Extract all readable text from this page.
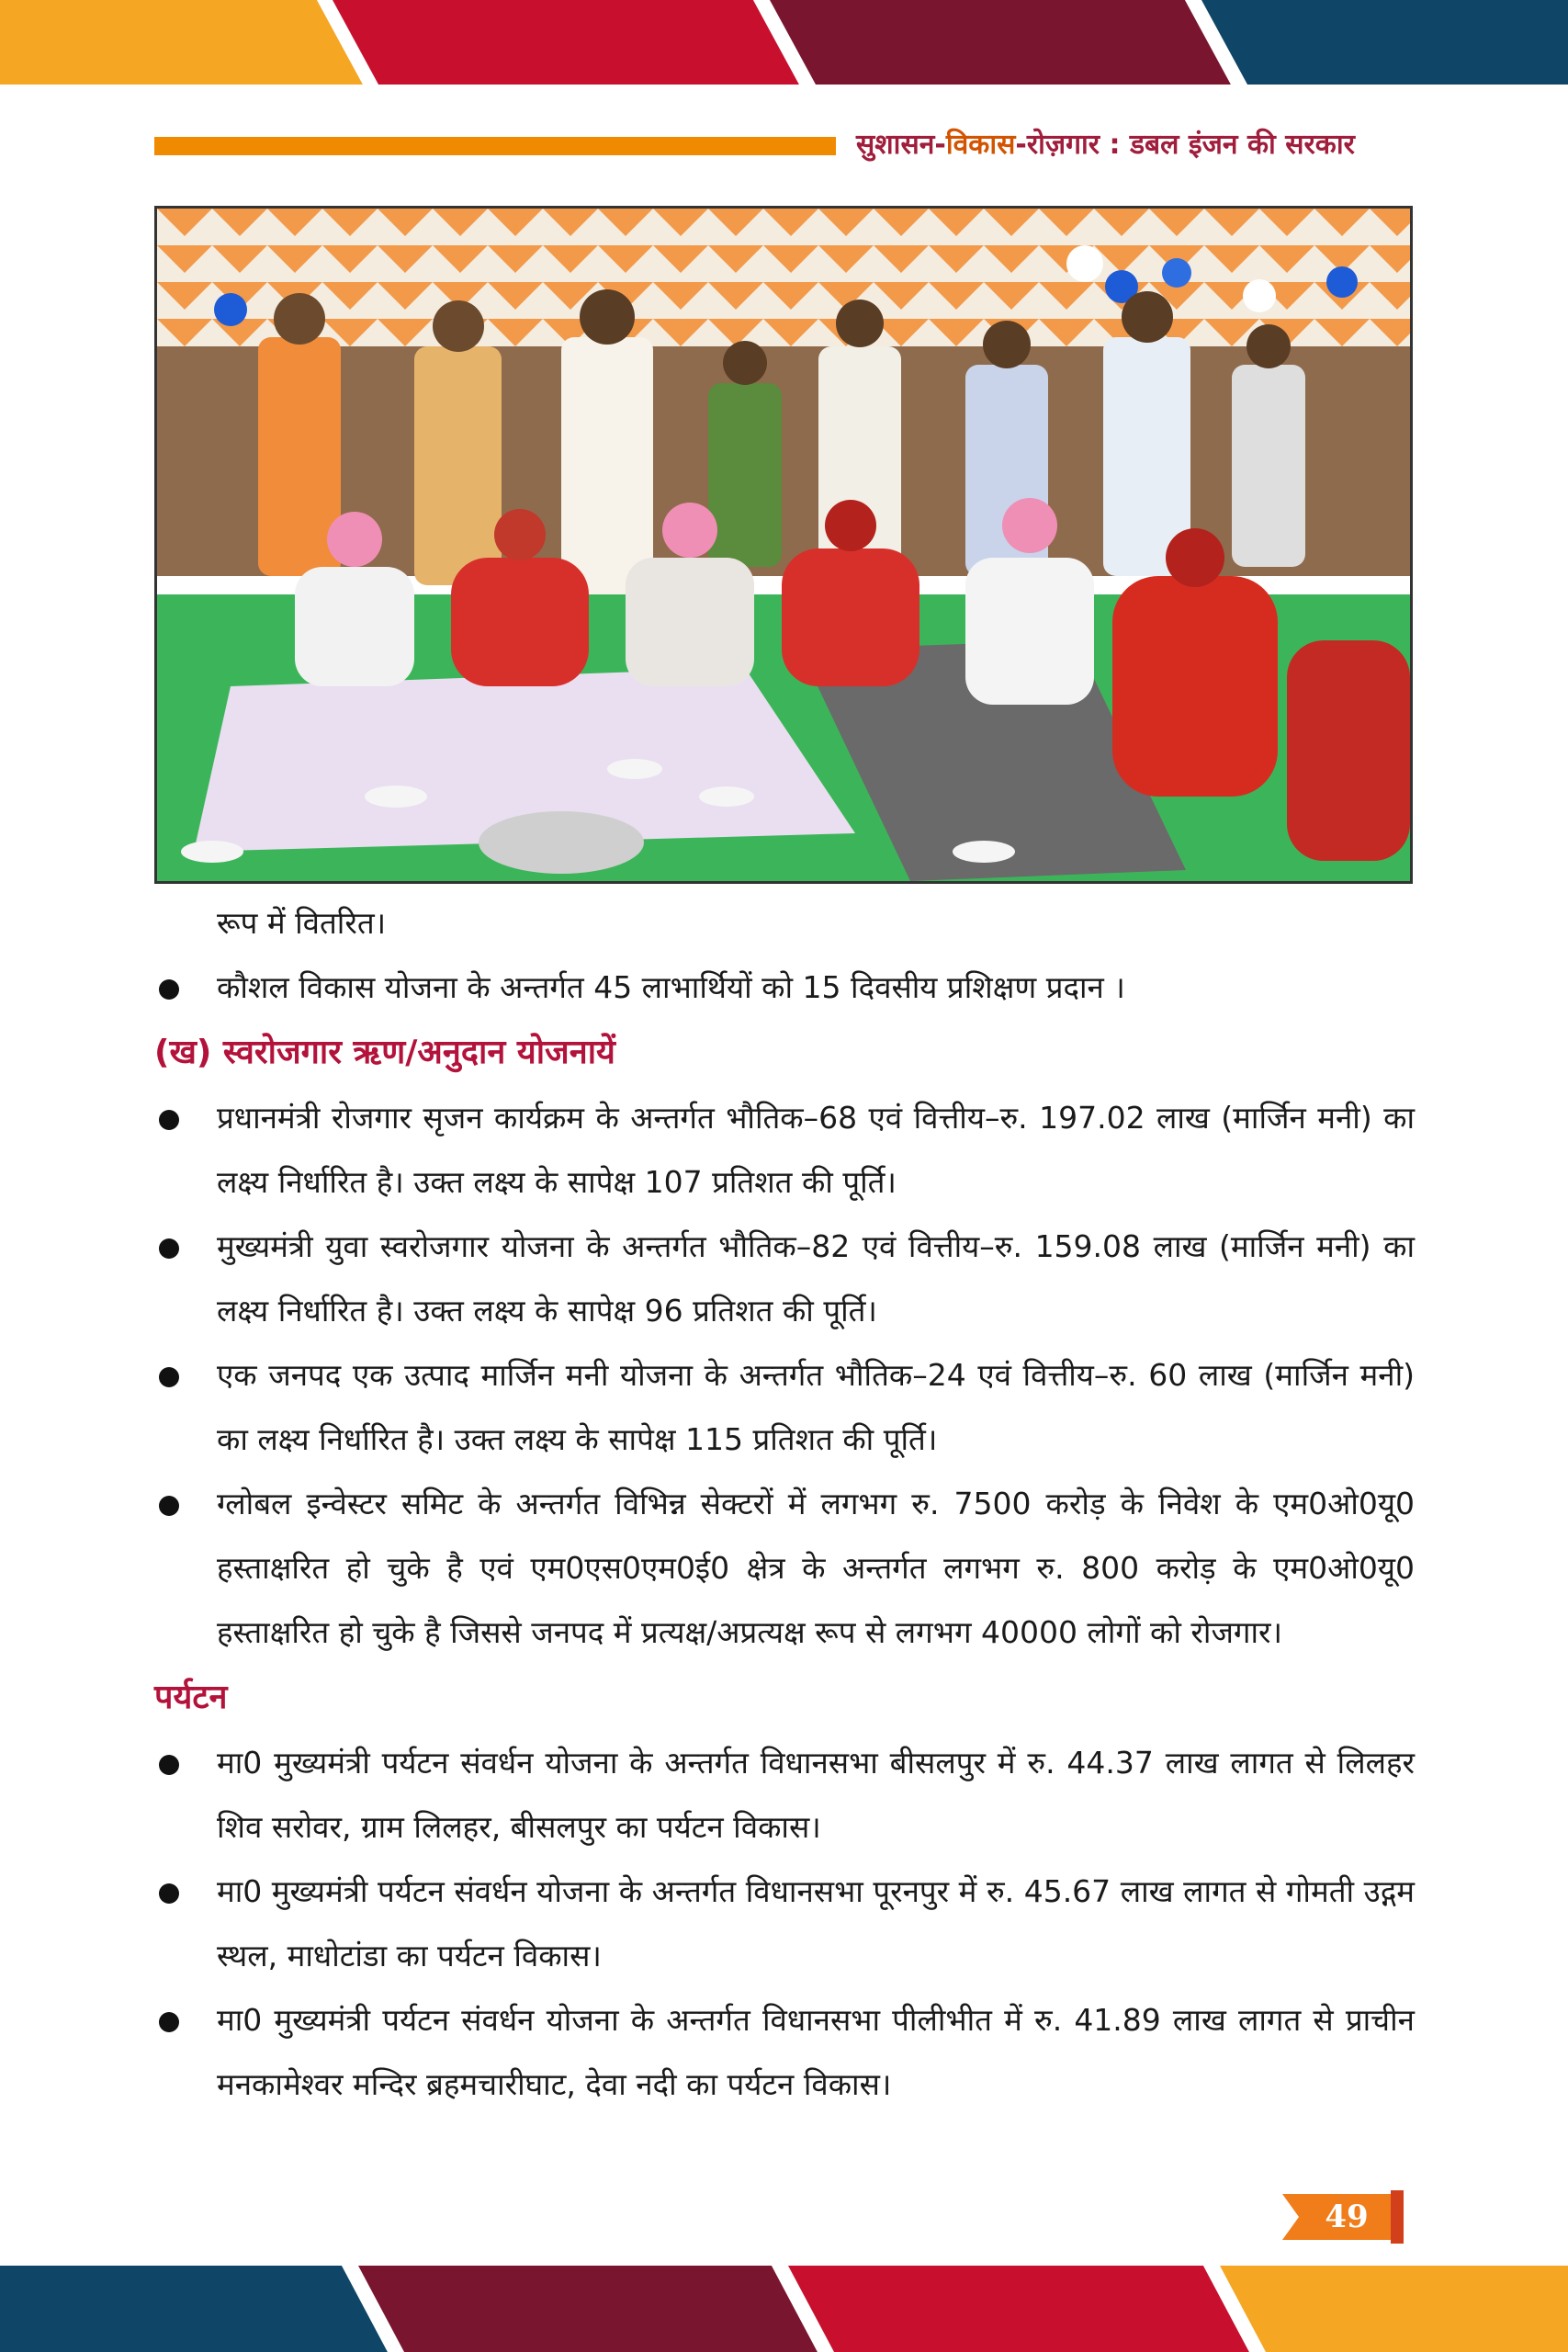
सुशासन-विकास-रोज़गार : डबल इंजन की सरकार

रूप में वितरित।

कौशल विकास योजना के अन्तर्गत 45 लाभार्थियों को 15 दिवसीय प्रशिक्षण प्रदान ।

(ख) स्वरोजगार ऋण/अनुदान योजनायें

प्रधानमंत्री रोजगार सृजन कार्यक्रम के अन्तर्गत भौतिक–68 एवं वित्तीय–रु. 197.02 लाख (मार्जिन मनी) का लक्ष्य निर्धारित है। उक्त लक्ष्य के सापेक्ष 107 प्रतिशत की पूर्ति।

मुख्यमंत्री युवा स्वरोजगार योजना के अन्तर्गत भौतिक–82 एवं वित्तीय–रु. 159.08 लाख (मार्जिन मनी) का लक्ष्य निर्धारित है। उक्त लक्ष्य के सापेक्ष 96 प्रतिशत की पूर्ति।

एक जनपद एक उत्पाद मार्जिन मनी योजना के अन्तर्गत भौतिक–24 एवं वित्तीय–रु. 60 लाख (मार्जिन मनी) का लक्ष्य निर्धारित है। उक्त लक्ष्य के सापेक्ष 115 प्रतिशत की पूर्ति।

ग्लोबल इन्वेस्टर समिट के अन्तर्गत विभिन्न सेक्टरों में लगभग रु. 7500 करोड़ के निवेश के एम0ओ0यू0 हस्ताक्षरित हो चुके है एवं एम0एस0एम0ई0 क्षेत्र के अन्तर्गत लगभग रु. 800 करोड़ के एम0ओ0यू0 हस्ताक्षरित हो चुके है जिससे जनपद में प्रत्यक्ष/अप्रत्यक्ष रूप से लगभग 40000 लोगों को रोजगार।

पर्यटन

मा0 मुख्यमंत्री पर्यटन संवर्धन योजना के अन्तर्गत विधानसभा बीसलपुर में रु. 44.37 लाख लागत से लिलहर शिव सरोवर, ग्राम लिलहर, बीसलपुर का पर्यटन विकास।

मा0 मुख्यमंत्री पर्यटन संवर्धन योजना के अन्तर्गत विधानसभा पूरनपुर में रु. 45.67 लाख लागत से गोमती उद्गम स्थल, माधोटांडा का पर्यटन विकास।

मा0 मुख्यमंत्री पर्यटन संवर्धन योजना के अन्तर्गत विधानसभा पीलीभीत में रु. 41.89 लाख लागत से प्राचीन मनकामेश्वर मन्दिर ब्रहमचारीघाट, देवा नदी का पर्यटन विकास।

49
